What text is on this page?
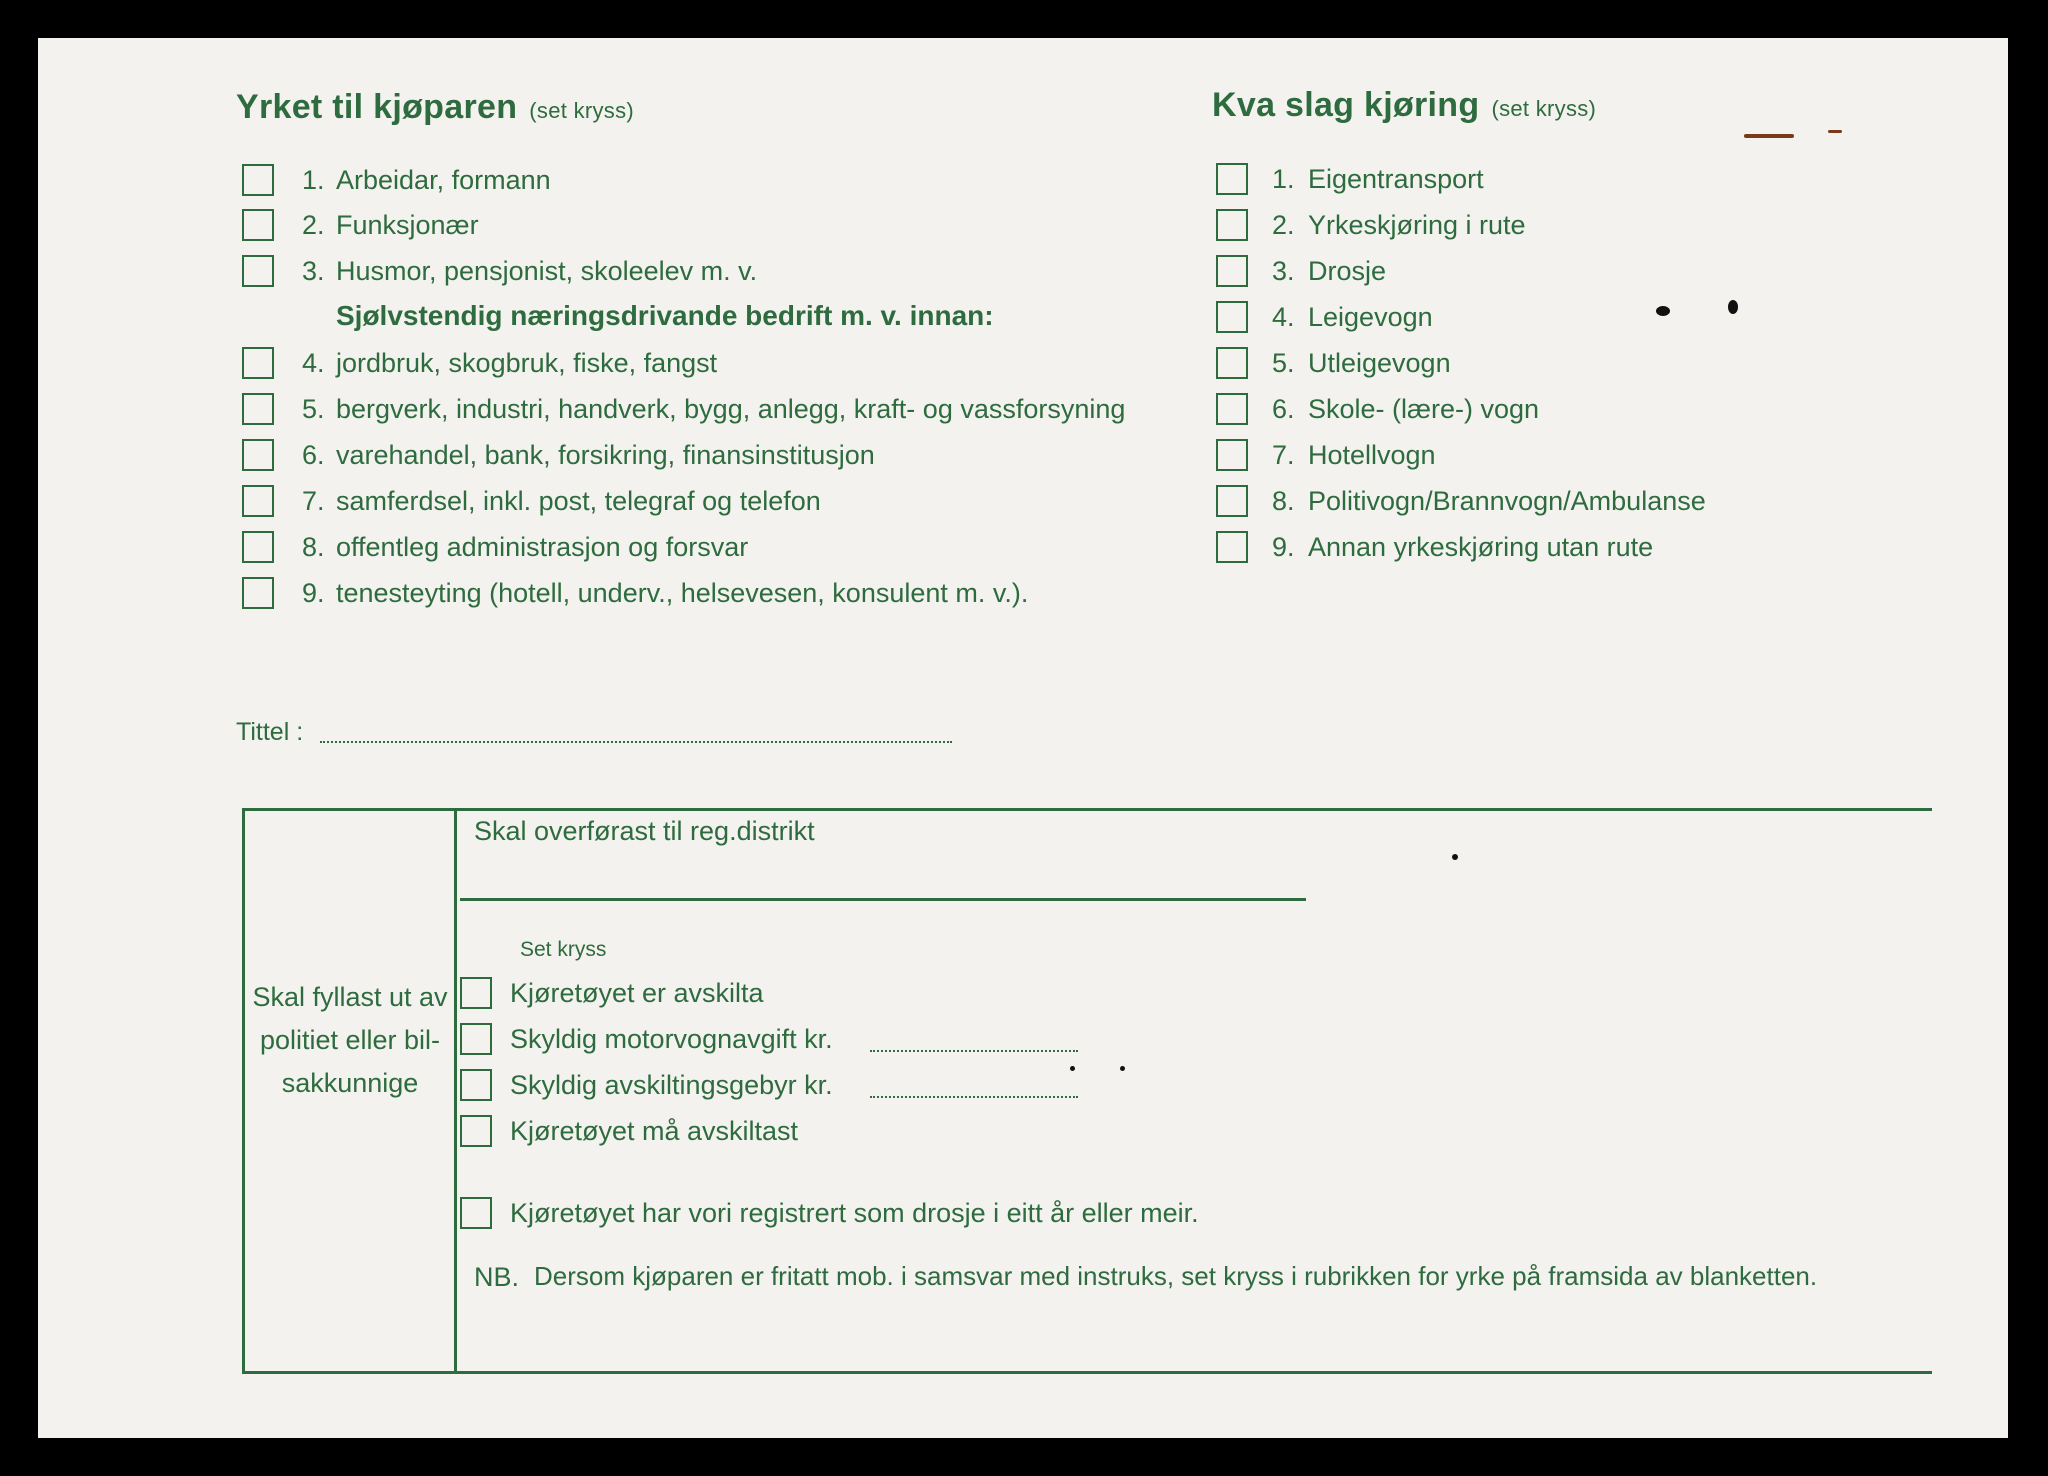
Yrket til kjøparen (set kryss)
1. Arbeidar, formann
2. Funksjonær
3. Husmor, pensjonist, skoleelev m. v.
Sjølvstendig næringsdrivande bedrift m. v. innan:
4. jordbruk, skogbruk, fiske, fangst
5. bergverk, industri, handverk, bygg, anlegg, kraft- og vassforsyning
6. varehandel, bank, forsikring, finansinstitusjon
7. samferdsel, inkl. post, telegraf og telefon
8. offentleg administrasjon og forsvar
9. tenesteyting (hotell, underv., helsevesen, konsulent m. v.).
Kva slag kjøring (set kryss)
1. Eigentransport
2. Yrkeskjøring i rute
3. Drosje
4. Leigevogn
5. Utleigevogn
6. Skole- (lære-) vogn
7. Hotellvogn
8. Politivogn/Brannvogn/Ambulanse
9. Annan yrkeskjøring utan rute
Tittel :
Skal fyllast ut av politiet eller bil-sakkunnige
Skal overførast til reg.distrikt
Set kryss
Kjøretøyet er avskilta
Skyldig motorvognavgift kr.
Skyldig avskiltingsgebyr kr.
Kjøretøyet må avskiltast
Kjøretøyet har vori registrert som drosje i eitt år eller meir.
NB. Dersom kjøparen er fritatt mob. i samsvar med instruks, set kryss i rubrikken for yrke på framsida av blanketten.
